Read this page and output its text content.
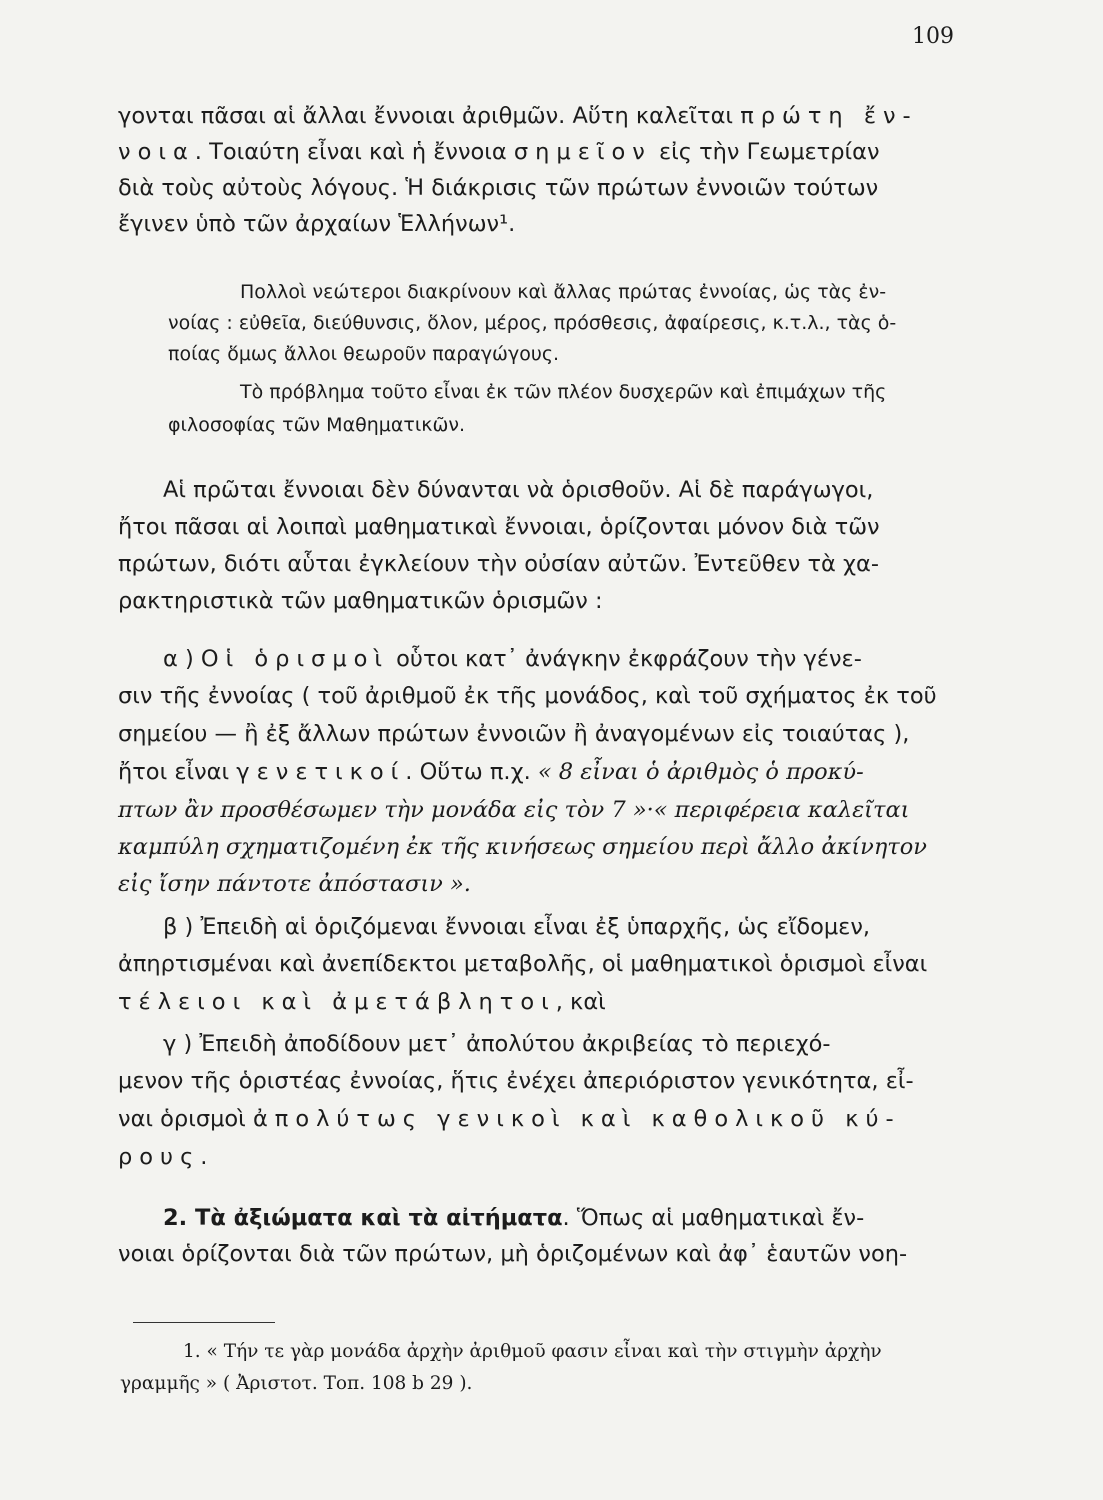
109
γονται πᾶσαι αἱ ἄλλαι ἔννοιαι ἀριθμῶν. Αὕτη καλεῖται πρώτη ἔν-
νοια. Τοιαύτη εἶναι καὶ ἡ ἔννοια σημεῖον εἰς τὴν Γεωμετρίαν
διὰ τοὺς αὐτοὺς λόγους. Ἡ διάκρισις τῶν πρώτων ἐννοιῶν τούτων
ἔγινεν ὑπὸ τῶν ἀρχαίων Ἑλλήνων¹.
Πολλοὶ νεώτεροι διακρίνουν καὶ ἄλλας πρώτας ἐννοίας, ὡς τὰς ἐν-
νοίας : εὐθεῖα, διεύθυνσις, ὅλον, μέρος, πρόσθεσις, ἀφαίρεσις, κ.τ.λ., τὰς ὁ-
ποίας ὅμως ἄλλοι θεωροῦν παραγώγους.
Τὸ πρόβλημα τοῦτο εἶναι ἐκ τῶν πλέον δυσχερῶν καὶ ἐπιμάχων τῆς
φιλοσοφίας τῶν Μαθηματικῶν.
Αἱ πρῶται ἔννοιαι δὲν δύνανται νὰ ὁρισθοῦν. Αἱ δὲ παράγωγοι,
ἤτοι πᾶσαι αἱ λοιπαὶ μαθηματικαὶ ἔννοιαι, ὁρίζονται μόνον διὰ τῶν
πρώτων, διότι αὗται ἐγκλείουν τὴν οὐσίαν αὐτῶν. Ἐντεῦθεν τὰ χα-
ρακτηριστικὰ τῶν μαθηματικῶν ὁρισμῶν :
α ) Οἱ ὁρισμοὶ οὗτοι κατ᾿ ἀνάγκην ἐκφράζουν τὴν γένε-
σιν τῆς ἐννοίας ( τοῦ ἀριθμοῦ ἐκ τῆς μονάδος, καὶ τοῦ σχήματος ἐκ τοῦ
σημείου — ἢ ἐξ ἄλλων πρώτων ἐννοιῶν ἢ ἀναγομένων εἰς τοιαύτας ),
ἤτοι εἶναι γενετικοί. Οὕτω π.χ. « 8 εἶναι ὁ ἀριθμὸς ὁ προκύ-
πτων ἂν προσθέσωμεν τὴν μονάδα εἰς τὸν 7 »·« περιφέρεια καλεῖται
καμπύλη σχηματιζομένη ἐκ τῆς κινήσεως σημείου περὶ ἄλλο ἀκίνητον
εἰς ἴσην πάντοτε ἀπόστασιν ».
β ) Ἐπειδὴ αἱ ὁριζόμεναι ἔννοιαι εἶναι ἐξ ὑπαρχῆς, ὡς εἴδομεν,
ἀπηρτισμέναι καὶ ἀνεπίδεκτοι μεταβολῆς, οἱ μαθηματικοὶ ὁρισμοὶ εἶναι
τέλειοι καὶ ἀμετάβλητοι, καὶ
γ ) Ἐπειδὴ ἀποδίδουν μετ᾿ ἀπολύτου ἀκριβείας τὸ περιεχό-
μενον τῆς ὁριστέας ἐννοίας, ἥτις ἐνέχει ἀπεριόριστον γενικότητα, εἶ-
ναι ὁρισμοὶ ἀπολύτως γενικοὶ καὶ καθολικοῦ κύ-
ρους.
2. Τὰ ἀξιώματα καὶ τὰ αἰτήματα. Ὅπως αἱ μαθηματικαὶ ἔν-
νοιαι ὁρίζονται διὰ τῶν πρώτων, μὴ ὁριζομένων καὶ ἀφ᾿ ἑαυτῶν νοη-
1. « Τήν τε γὰρ μονάδα ἀρχὴν ἀριθμοῦ φασιν εἶναι καὶ τὴν στιγμὴν ἀρχὴν
γραμμῆς » ( Ἀριστοτ. Τοπ. 108 b 29 ).
